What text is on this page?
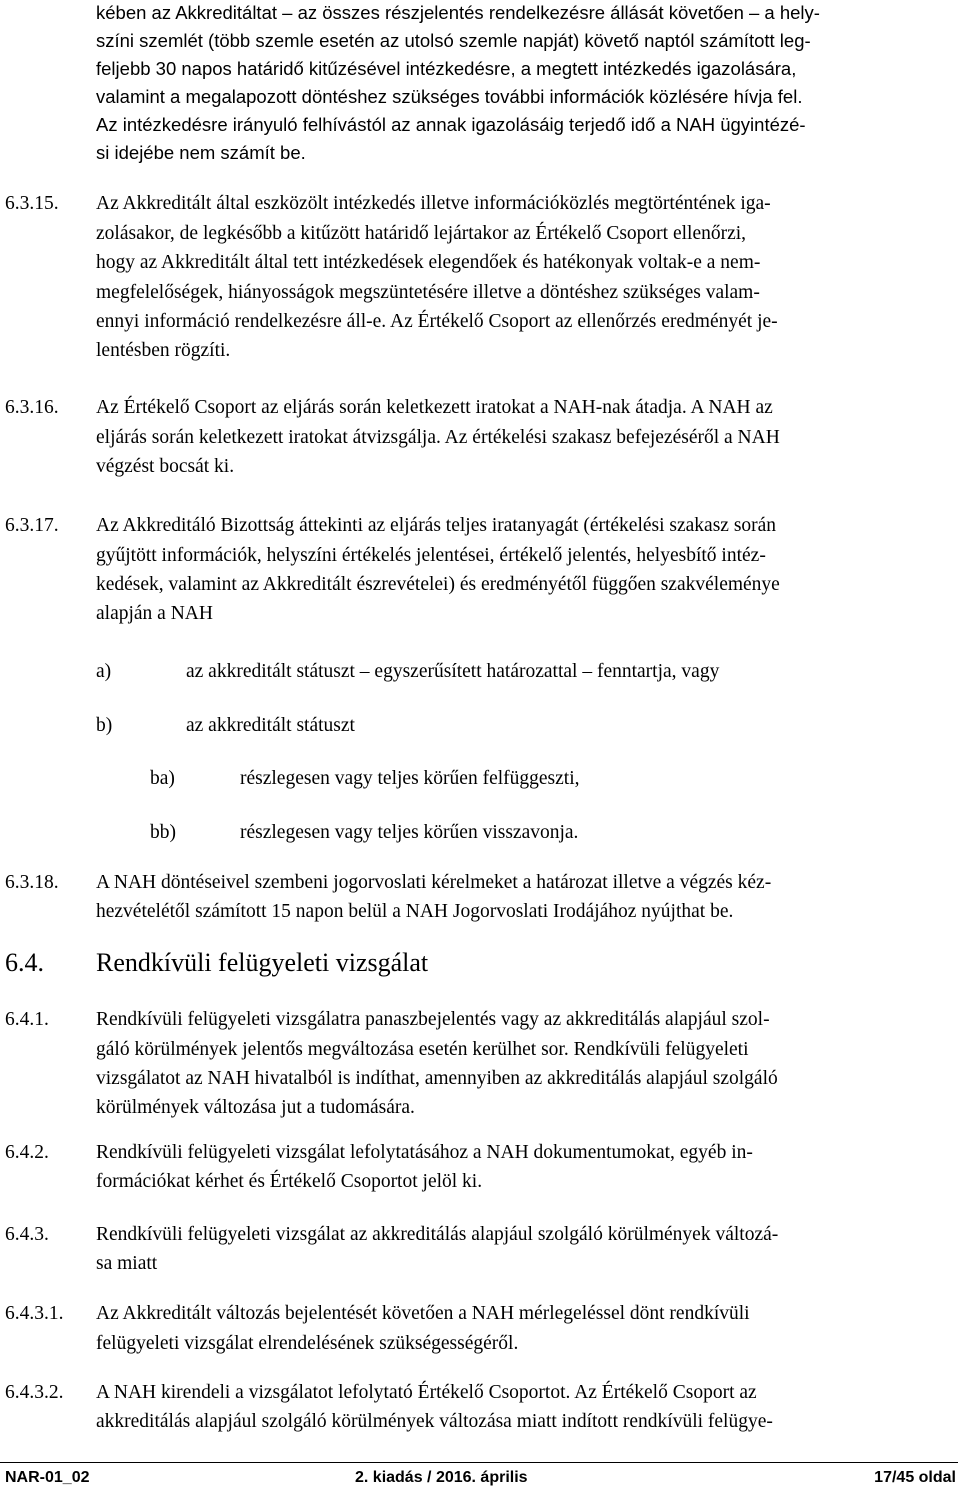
kében az Akkreditáltat – az összes részjelentés rendelkezésre állását követően – a hely-
színi szemlét (több szemle esetén az utolsó szemle napját) követő naptól számított leg-
feljebb 30 napos határidő kitűzésével intézkedésre, a megtett intézkedés igazolására,
valamint a megalapozott döntéshez szükséges további információk közlésére hívja fel.
Az intézkedésre irányuló felhívástól az annak igazolásáig terjedő idő a NAH ügyintézé-
si idejébe nem számít be.
6.3.15. Az Akkreditált által eszközölt intézkedés illetve információközlés megtörténtének iga-
zolásakor, de legkésőbb a kitűzött határidő lejártakor az Értékelő Csoport ellenőrzi,
hogy az Akkreditált által tett intézkedések elegendőek és hatékonyak voltak-e a nem-
megfelelőségek, hiányosságok megszüntetésére illetve a döntéshez szükséges valam-
ennyi információ rendelkezésre áll-e. Az Értékelő Csoport az ellenőrzés eredményét je-
lentésben rögzíti.
6.3.16. Az Értékelő Csoport az eljárás során keletkezett iratokat a NAH-nak átadja. A NAH az
eljárás során keletkezett iratokat átvizsgálja. Az értékelési szakasz befejezéséről a NAH
végzést bocsát ki.
6.3.17. Az Akkreditáló Bizottság áttekinti az eljárás teljes iratanyagát (értékelési szakasz során
gyűjtött információk, helyszíni értékelés jelentései, értékelő jelentés, helyesbítő intéz-
kedések, valamint az Akkreditált észrevételei) és eredményétől függően szakvéleménye
alapján a NAH
a)	az akkreditált státuszt – egyszerűsített határozattal – fenntartja, vagy
b)	az akkreditált státuszt
ba)	részlegesen vagy teljes körűen felfüggeszti,
bb)	részlegesen vagy teljes körűen visszavonja.
6.3.18. A NAH döntéseivel szembeni jogorvoslati kérelmeket a határozat illetve a végzés kéz-
hezvételétől számított 15 napon belül a NAH Jogorvoslati Irodájához nyújthat be.
6.4. Rendkívüli felügyeleti vizsgálat
6.4.1. Rendkívüli felügyeleti vizsgálatra panaszbejelentés vagy az akkreditálás alapjául szol-
gáló körülmények jelentős megváltozása esetén kerülhet sor. Rendkívüli felügyeleti
vizsgálatot az NAH hivatalból is indíthat, amennyiben az akkreditálás alapjául szolgáló
körülmények változása jut a tudomására.
6.4.2. Rendkívüli felügyeleti vizsgálat lefolytatásához a NAH dokumentumokat, egyéb in-
formációkat kérhet és Értékelő Csoportot jelöl ki.
6.4.3. Rendkívüli felügyeleti vizsgálat az akkreditálás alapjául szolgáló körülmények változá-
sa miatt
6.4.3.1. Az Akkreditált változás bejelentését követően a NAH mérlegeléssel dönt rendkívüli
felügyeleti vizsgálat elrendelésének szükségességéről.
6.4.3.2. A NAH kirendeli a vizsgálatot lefolytató Értékelő Csoportot. Az Értékelő Csoport az
akkreditálás alapjául szolgáló körülmények változása miatt indított rendkívüli felügye-
NAR-01_02	2. kiadás / 2016. április	17/45 oldal
